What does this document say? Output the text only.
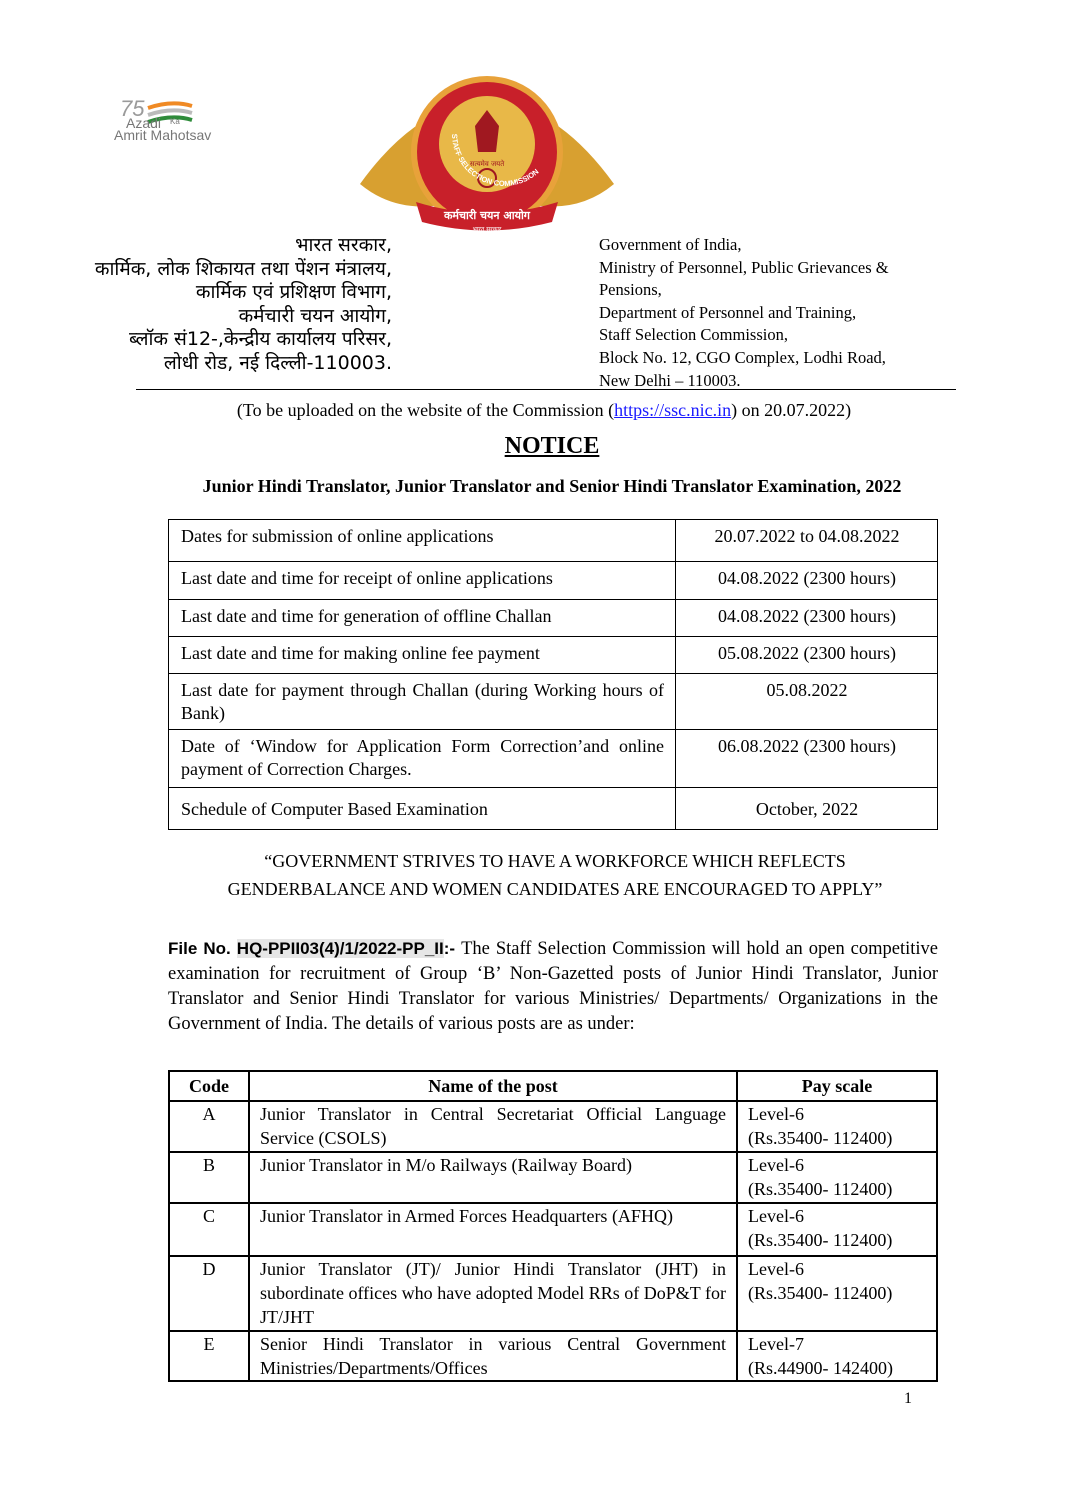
75
Azadi Ka
Amrit Mahotsav
सत्यमेव जयते
STAFF SELECTION COMMISSION
कर्मचारी चयन आयोग
भारत सरकार
भारत सरकार,
कार्मिक, लोक शिकायत तथा पेंशन मंत्रालय,
कार्मिक एवं प्रशिक्षण विभाग,
कर्मचारी चयन आयोग,
ब्लॉक सं12-,केन्द्रीय कार्यालय परिसर,
लोधी रोड, नई दिल्ली-110003.
Government of India,
Ministry of Personnel, Public Grievances &
Pensions,
Department of Personnel and Training,
Staff Selection Commission,
Block No. 12, CGO Complex, Lodhi Road,
New Delhi – 110003.
(To be uploaded on the website of the Commission (https://ssc.nic.in) on 20.07.2022)
NOTICE
Junior Hindi Translator, Junior Translator and Senior Hindi Translator Examination, 2022
Dates for submission of online applications	20.07.2022 to 04.08.2022
Last date and time for receipt of online applications	04.08.2022 (2300 hours)
Last date and time for generation of offline Challan	04.08.2022 (2300 hours)
Last date and time for making online fee payment	05.08.2022 (2300 hours)
Last date for payment through Challan (during Working hours of Bank)	05.08.2022
Date of ‘Window for Application Form Correction’and online payment of Correction Charges.	06.08.2022 (2300 hours)
Schedule of Computer Based Examination	October, 2022
“GOVERNMENT STRIVES TO HAVE A WORKFORCE WHICH REFLECTS GENDERBALANCE AND WOMEN CANDIDATES ARE ENCOURAGED TO APPLY”
File No. HQ-PPII03(4)/1/2022-PP_II:- The Staff Selection Commission will hold an open competitive examination for recruitment of Group ‘B’ Non-Gazetted posts of Junior Hindi Translator, Junior Translator and Senior Hindi Translator for various Ministries/ Departments/ Organizations in the Government of India. The details of various posts are as under:
Code	Name of the post	Pay scale
A	Junior Translator in Central Secretariat Official Language Service (CSOLS)	Level-6
(Rs.35400- 112400)

B	Junior Translator in M/o Railways (Railway Board)	Level-6
(Rs.35400- 112400)

C	Junior Translator in Armed Forces Headquarters (AFHQ)	Level-6
(Rs.35400- 112400)

D	Junior Translator (JT)/ Junior Hindi Translator (JHT) in subordinate offices who have adopted Model RRs of DoP&T for JT/JHT	Level-6
(Rs.35400- 112400)

E	Senior Hindi Translator in various Central Government Ministries/Departments/Offices	Level-7
(Rs.44900- 142400)
1
